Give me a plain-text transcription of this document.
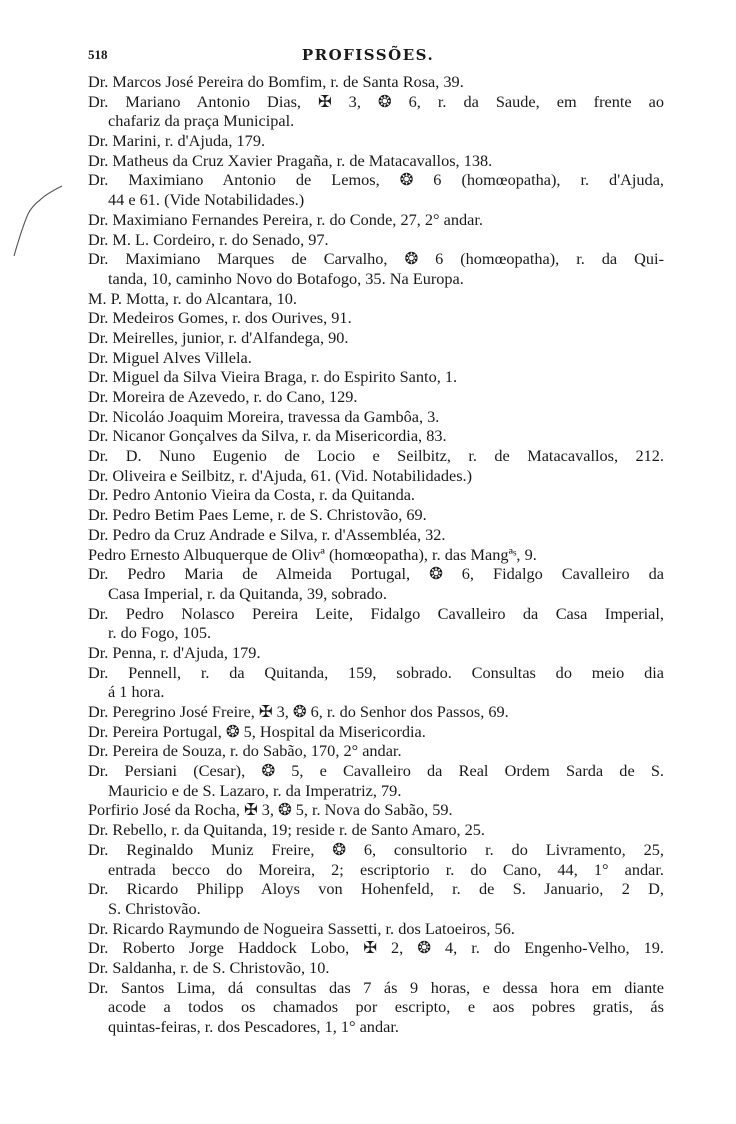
518	PROFISSÕES.
Dr. Marcos José Pereira do Bomfim, r. de Santa Rosa, 39.
Dr. Mariano Antonio Dias, ✠ 3, ❂ 6, r. da Saude, em frente ao
chafariz da praça Municipal.
Dr. Marini, r. d'Ajuda, 179.
Dr. Matheus da Cruz Xavier Pragaña, r. de Matacavallos, 138.
Dr. Maximiano Antonio de Lemos, ❂ 6 (homœopatha), r. d'Ajuda,
44 e 61. (Vide Notabilidades.)
Dr. Maximiano Fernandes Pereira, r. do Conde, 27, 2° andar.
Dr. M. L. Cordeiro, r. do Senado, 97.
Dr. Maximiano Marques de Carvalho, ❂ 6 (homœopatha), r. da Qui-
tanda, 10, caminho Novo do Botafogo, 35. Na Europa.
M. P. Motta, r. do Alcantara, 10.
Dr. Medeiros Gomes, r. dos Ourives, 91.
Dr. Meirelles, junior, r. d'Alfandega, 90.
Dr. Miguel Alves Villela.
Dr. Miguel da Silva Vieira Braga, r. do Espirito Santo, 1.
Dr. Moreira de Azevedo, r. do Cano, 129.
Dr. Nicoláo Joaquim Moreira, travessa da Gambôa, 3.
Dr. Nicanor Gonçalves da Silva, r. da Misericordia, 83.
Dr. D. Nuno Eugenio de Locio e Seilbitz, r. de Matacavallos, 212.
Dr. Oliveira e Seilbitz, r. d'Ajuda, 61. (Vid. Notabilidades.)
Dr. Pedro Antonio Vieira da Costa, r. da Quitanda.
Dr. Pedro Betim Paes Leme, r. de S. Christovão, 69.
Dr. Pedro da Cruz Andrade e Silva, r. d'Assembléa, 32.
Pedro Ernesto Albuquerque de Olivª (homœopatha), r. das Mangªˢ, 9.
Dr. Pedro Maria de Almeida Portugal, ❂ 6, Fidalgo Cavalleiro da
Casa Imperial, r. da Quitanda, 39, sobrado.
Dr. Pedro Nolasco Pereira Leite, Fidalgo Cavalleiro da Casa Imperial,
r. do Fogo, 105.
Dr. Penna, r. d'Ajuda, 179.
Dr. Pennell, r. da Quitanda, 159, sobrado. Consultas do meio dia
á 1 hora.
Dr. Peregrino José Freire, ✠ 3, ❂ 6, r. do Senhor dos Passos, 69.
Dr. Pereira Portugal, ❂ 5, Hospital da Misericordia.
Dr. Pereira de Souza, r. do Sabão, 170, 2° andar.
Dr. Persiani (Cesar), ❂ 5, e Cavalleiro da Real Ordem Sarda de S.
Mauricio e de S. Lazaro, r. da Imperatriz, 79.
Porfirio José da Rocha, ✠ 3, ❂ 5, r. Nova do Sabão, 59.
Dr. Rebello, r. da Quitanda, 19; reside r. de Santo Amaro, 25.
Dr. Reginaldo Muniz Freire, ❂ 6, consultorio r. do Livramento, 25,
entrada becco do Moreira, 2; escriptorio r. do Cano, 44, 1° andar.
Dr. Ricardo Philipp Aloys von Hohenfeld, r. de S. Januario, 2 D,
S. Christovão.
Dr. Ricardo Raymundo de Nogueira Sassetti, r. dos Latoeiros, 56.
Dr. Roberto Jorge Haddock Lobo, ✠ 2, ❂ 4, r. do Engenho-Velho, 19.
Dr. Saldanha, r. de S. Christovão, 10.
Dr. Santos Lima, dá consultas das 7 ás 9 horas, e dessa hora em diante
acode a todos os chamados por escripto, e aos pobres gratis, ás
quintas-feiras, r. dos Pescadores, 1, 1° andar.
